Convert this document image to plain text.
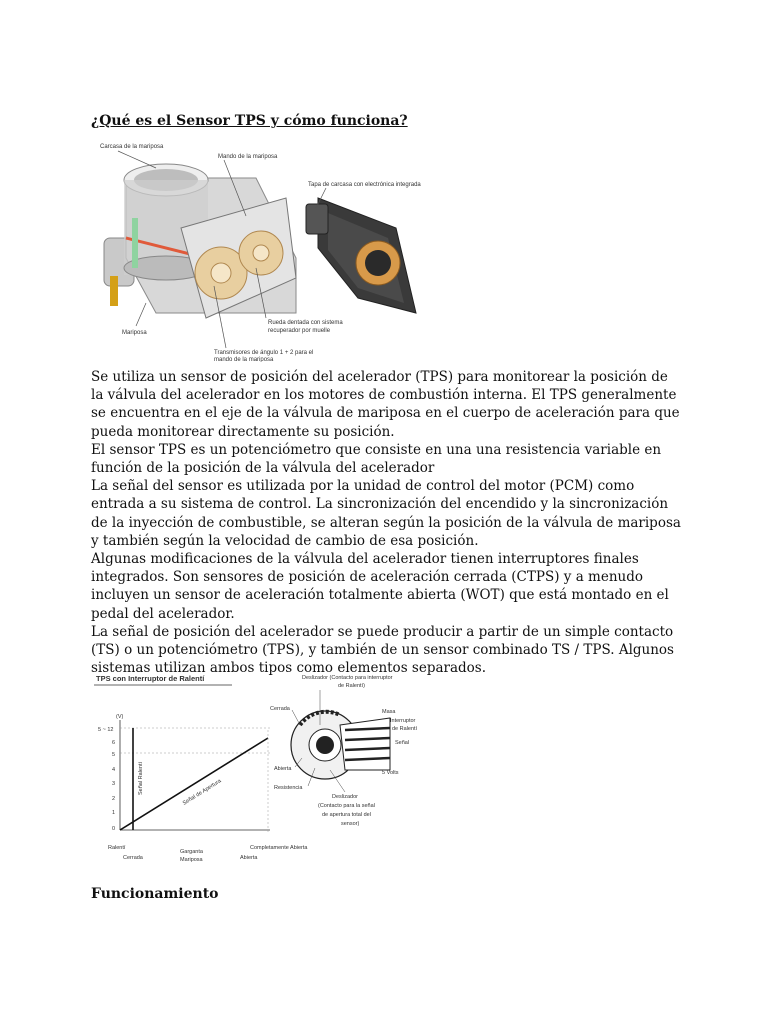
¿Qué es el Sensor TPS y cómo funciona?
Carcasa de la mariposa
Mando de la mariposa
Tapa de carcasa con electrónica integrada
Mariposa
Rueda dentada con sistema
recuperador por muelle
Transmisores de ángulo 1 + 2 para el
mando de la mariposa

Se utiliza un sensor de posición del acelerador (TPS) para monitorear la posición de la válvula del acelerador en los motores de combustión interna. El TPS generalmente se encuentra en el eje de la válvula de mariposa en el cuerpo de aceleración para que pueda monitorear directamente su posición.

El sensor TPS es un potenciómetro que consiste en una una resistencia variable en función de la posición de la válvula del acelerador

La señal del sensor es utilizada por la unidad de control del motor (PCM) como entrada a su sistema de control. La sincronización del encendido y la sincronización de la inyección de combustible, se alteran según la posición de la válvula de mariposa y también según la velocidad de cambio de esa posición.

Algunas modificaciones de la válvula del acelerador tienen interruptores finales integrados. Son sensores de posición de aceleración cerrada (CTPS) y a menudo incluyen un sensor de aceleración totalmente abierta (WOT) que está montado en el pedal del acelerador.

La señal de posición del acelerador se puede producir a partir de un simple contacto (TS) o un potenciómetro (TPS), y también de un sensor combinado TS / TPS. Algunos sistemas utilizan ambos tipos como elementos separados.

TPS con Interruptor de Ralentí
(V)
5 ~ 12
6
5
4
3
2
1
0
Señal Ralentí	Señal de Apertura
Ralentí
Cerrada
Garganta
Mariposa
Completamente Abierta
Abierta
Deslizador (Contacto para interruptor
de Ralentí)
Cerrada	Masa
Interruptor
de Ralentí
Señal
5 Volts
Abierta
Resistencia
Deslizador
(Contacto para la señal
de apertura total del
sensor)
Funcionamiento
